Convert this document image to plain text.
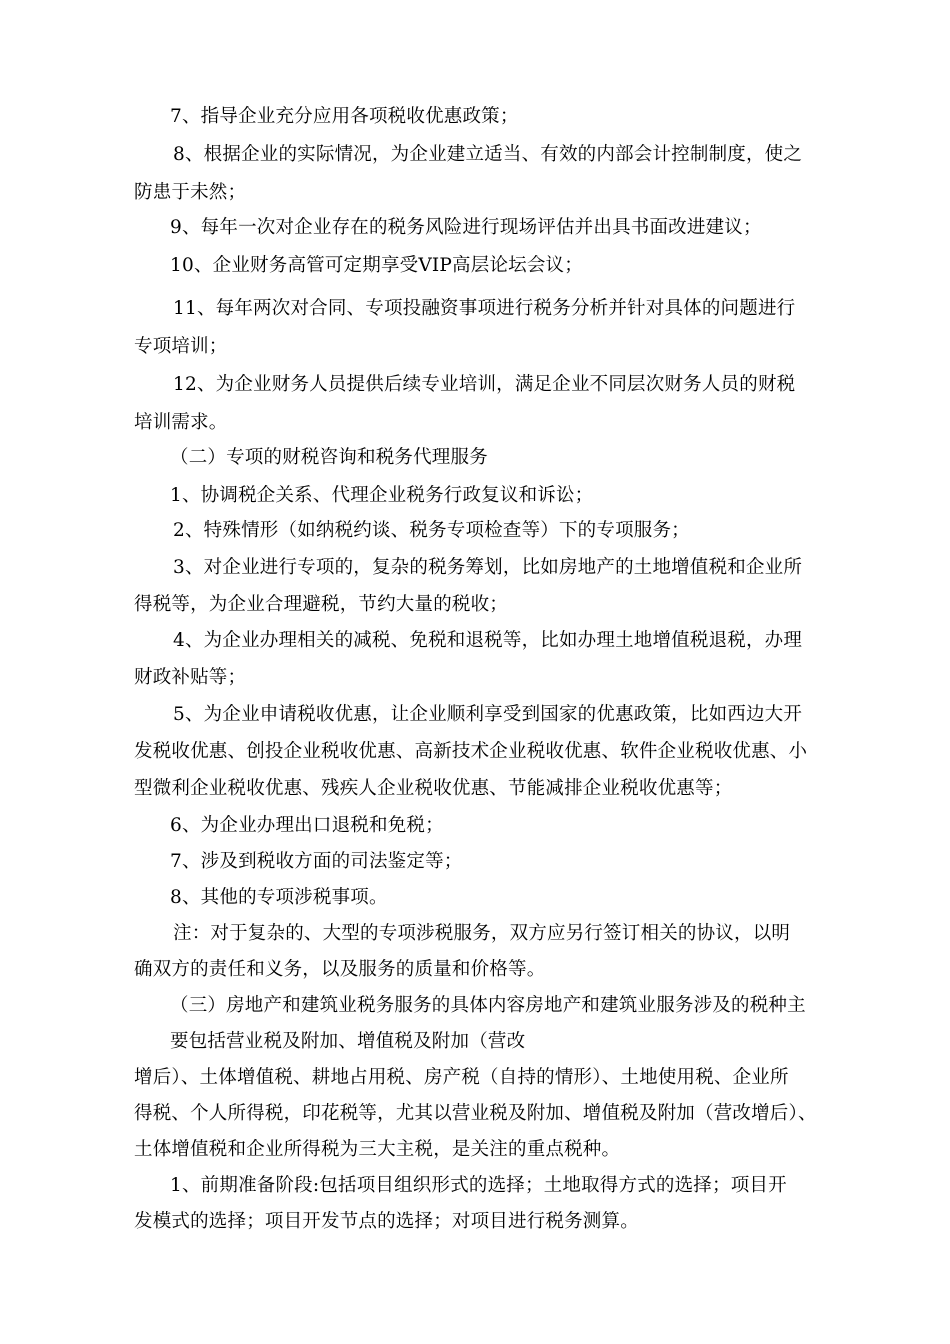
7、指导企业充分应用各项税收优惠政策；
8、根据企业的实际情况，为企业建立适当、有效的内部会计控制制度，使之
防患于未然；
9、每年一次对企业存在的税务风险进行现场评估并出具书面改进建议；
10、企业财务高管可定期享受VIP高层论坛会议；
11、每年两次对合同、专项投融资事项进行税务分析并针对具体的问题进行
专项培训；
12、为企业财务人员提供后续专业培训，满足企业不同层次财务人员的财税
培训需求。
（二）专项的财税咨询和税务代理服务
1、协调税企关系、代理企业税务行政复议和诉讼；
2、特殊情形（如纳税约谈、税务专项检查等）下的专项服务；
3、对企业进行专项的，复杂的税务筹划，比如房地产的土地增值税和企业所
得税等，为企业合理避税，节约大量的税收；
4、为企业办理相关的减税、免税和退税等，比如办理土地增值税退税，办理
财政补贴等；
5、为企业申请税收优惠，让企业顺利享受到国家的优惠政策，比如西边大开
发税收优惠、创投企业税收优惠、高新技术企业税收优惠、软件企业税收优惠、小
型微利企业税收优惠、残疾人企业税收优惠、节能减排企业税收优惠等；
6、为企业办理出口退税和免税；
7、涉及到税收方面的司法鉴定等；
8、其他的专项涉税事项。
注：对于复杂的、大型的专项涉税服务，双方应另行签订相关的协议，以明
确双方的责任和义务，以及服务的质量和价格等。
（三）房地产和建筑业税务服务的具体内容房地产和建筑业服务涉及的税种主
要包括营业税及附加、增值税及附加（营改
增后）、土体增值税、耕地占用税、房产税（自持的情形）、土地使用税、企业所
得税、个人所得税，印花税等，尤其以营业税及附加、增值税及附加（营改增后）、
土体增值税和企业所得税为三大主税，是关注的重点税种。
1、前期准备阶段:包括项目组织形式的选择；土地取得方式的选择；项目开
发模式的选择；项目开发节点的选择；对项目进行税务测算。
